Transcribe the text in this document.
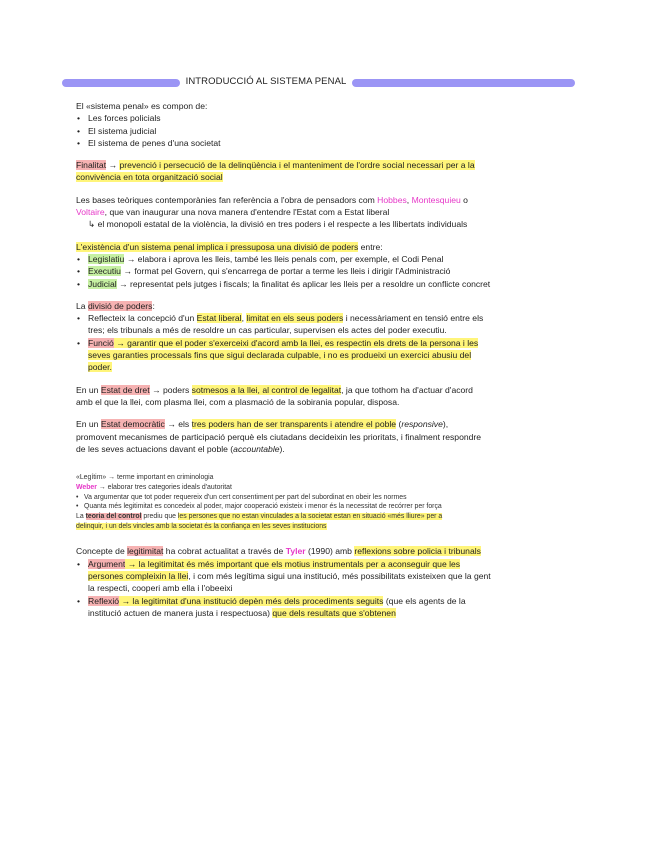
INTRODUCCIÓ AL SISTEMA PENAL

El «sistema penal» es compon de:

• Les forces policials

• El sistema judicial

• El sistema de penes d'una societat

Finalitat → prevenció i persecució de la delinqüència i el manteniment de l'ordre social necessari per a la

convivència en tota organització social

Les bases teòriques contemporànies fan referència a l'obra de pensadors com Hobbes, Montesquieu o

Voltaire, que van inaugurar una nova manera d'entendre l'Estat com a Estat liberal

↳ el monopoli estatal de la violència, la divisió en tres poders i el respecte a les llibertats individuals

L'existència d'un sistema penal implica i pressuposa una divisió de poders entre:

• Legislatiu → elabora i aprova les lleis, també les lleis penals com, per exemple, el Codi Penal

• Executiu → format pel Govern, qui s'encarrega de portar a terme les lleis i dirigir l'Administració

• Judicial → representat pels jutges i fiscals; la finalitat és aplicar les lleis per a resoldre un conflicte concret

La divisió de poders:

• Reflecteix la concepció d'un Estat liberal, limitat en els seus poders i necessàriament en tensió entre els

tres; els tribunals a més de resoldre un cas particular, supervisen els actes del poder executiu.

• Funció → garantir que el poder s'exerceixi d'acord amb la llei, es respectin els drets de la persona i les

seves garanties processals fins que sigui declarada culpable, i no es produeixi un exercici abusiu del

poder.

En un Estat de dret → poders sotmesos a la llei, al control de legalitat, ja que tothom ha d'actuar d'acord

amb el que la llei, com plasma llei, com a plasmació de la sobirania popular, disposa.

En un Estat democràtic → els tres poders han de ser transparents i atendre el poble (responsive),

promovent mecanismes de participació perquè els ciutadans decideixin les prioritats, i finalment respondre

de les seves actuacions davant el poble (accountable).

«Legítim» → terme important en criminologia

Weber → elaborar tres categories ideals d'autoritat

• Va argumentar que tot poder requereix d'un cert consentiment per part del subordinat en obeir les normes

• Quanta més legitimitat es concedeix al poder, major cooperació existeix i menor és la necessitat de recórrer per força

La teoria del control prediu que les persones que no estan vinculades a la societat estan en situació «més lliure» per a

delinquir, i un dels vincles amb la societat és la confiança en les seves institucions

Concepte de legitimitat ha cobrat actualitat a través de Tyler (1990) amb reflexions sobre policia i tribunals

• Argument → la legitimitat és més important que els motius instrumentals per a aconseguir que les

persones compleixin la llei, i com més legítima sigui una institució, més possibilitats existeixen que la gent

la respecti, cooperi amb ella i l'obeeixi

• Reflexió → la legitimitat d'una institució depèn més dels procediments seguits (que els agents de la

institució actuen de manera justa i respectuosa) que dels resultats que s'obtenen
